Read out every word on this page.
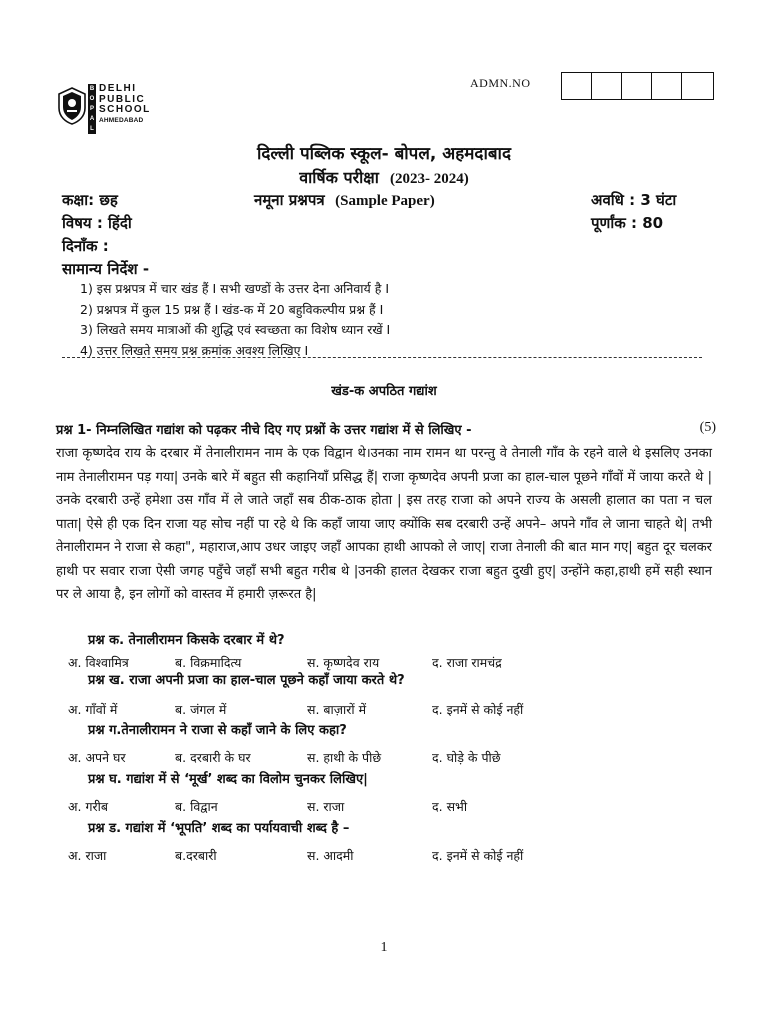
ADMN.NO
BOPAL
DELHI
PUBLIC
SCHOOL
AHMEDABAD
दिल्ली पब्लिक स्कूल- बोपल, अहमदाबाद
वार्षिक परीक्षा (2023- 2024)
कक्षा: छह	नमूना प्रश्नपत्र (Sample Paper)	अवधि : 3 घंटा
विषय : हिंदी	पूर्णांक : 80
दिनाँक :
सामान्य निर्देश -
1) इस प्रश्नपत्र में चार खंड हैं I सभी खण्डों के उत्तर देना अनिवार्य है I
2) प्रश्नपत्र में कुल 15 प्रश्न हैं I खंड-क में 20 बहुविकल्पीय प्रश्न हैं I
3) लिखते समय मात्राओं की शुद्धि एवं स्वच्छता का विशेष ध्यान रखें I
4) उत्तर लिखते समय प्रश्न क्रमांक अवश्य लिखिए I
खंड-क अपठित गद्यांश
प्रश्न 1- निम्नलिखित गद्यांश को पढ़कर नीचे दिए गए प्रश्नों के उत्तर गद्यांश में से लिखिए -	(5)

राजा कृष्णदेव राय के दरबार में तेनालीरामन नाम के एक विद्वान थे।उनका नाम रामन था परन्तु वे तेनाली गाँव के रहने वाले थे इसलिए उनका नाम तेनालीरामन पड़ गया| उनके बारे में बहुत सी कहानियाँ प्रसिद्ध हैं| राजा कृष्णदेव अपनी प्रजा का हाल-चाल पूछने गाँवों में जाया करते थे |उनके दरबारी उन्हें हमेशा उस गाँव में ले जाते जहाँ सब ठीक-ठाक होता | इस तरह राजा को अपने राज्य के असली हालात का पता न चल पाता| ऐसे ही एक दिन राजा यह सोच नहीं पा रहे थे कि कहाँ जाया जाए क्योंकि सब दरबारी उन्हें अपने– अपने गाँव ले जाना चाहते थे| तभी तेनालीरामन ने राजा से कहा", महाराज,आप उधर जाइए जहाँ आपका हाथी आपको ले जाए| राजा तेनाली की बात मान गए| बहुत दूर चलकर हाथी पर सवार राजा ऐसी जगह पहुँचे जहाँ सभी बहुत गरीब थे |उनकी हालत देखकर राजा बहुत दुखी हुए| उन्होंने कहा,हाथी हमें सही स्थान पर ले आया है, इन लोगों को वास्तव में हमारी ज़रूरत है|

प्रश्न क. तेनालीरामन किसके दरबार में थे?
अ. विश्वामित्र	ब. विक्रमादित्य	स. कृष्णदेव राय	द. राजा रामचंद्र
प्रश्न ख. राजा अपनी प्रजा का हाल-चाल पूछने कहाँ जाया करते थे?
अ. गाँवों में	ब. जंगल में	स. बाज़ारों में	द. इनमें से कोई नहीं
प्रश्न ग.तेनालीरामन ने राजा से कहाँ जाने के लिए कहा?
अ. अपने घर	ब. दरबारी के घर	स. हाथी के पीछे	द. घोड़े के पीछे
प्रश्न घ. गद्यांश में से ‘मूर्ख’ शब्द का विलोम चुनकर लिखिए|
अ. गरीब	ब. विद्वान	स. राजा	द. सभी
प्रश्न ड. गद्यांश में ‘भूपति’ शब्द का पर्यायवाची शब्द है –
अ. राजा	ब.दरबारी	स. आदमी	द. इनमें से कोई नहीं
1
